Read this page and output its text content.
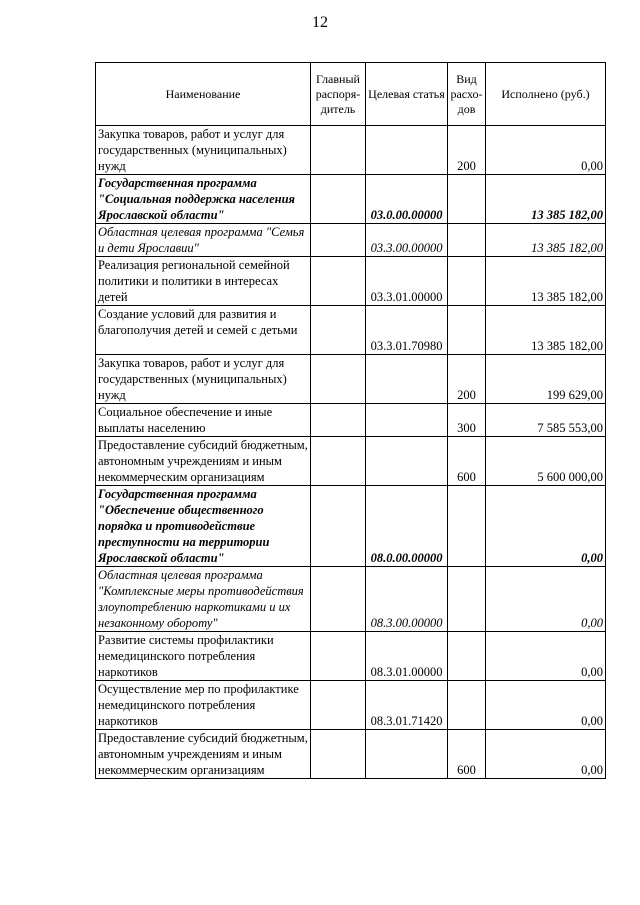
12
Наименование	Главный распоря-дитель	Целевая статья	Вид расхо-дов	Исполнено (руб.)
Закупка товаров, работ и услуг для государственных (муниципальных) нужд			200	0,00
Государственная программа "Социальная поддержка населения Ярославской области"		03.0.00.00000		13 385 182,00
Областная целевая программа "Семья и дети Ярославии"		03.3.00.00000		13 385 182,00
Реализация региональной семейной политики и политики в интересах детей		03.3.01.00000		13 385 182,00
Создание условий для развития и благополучия детей и семей с детьми		03.3.01.70980		13 385 182,00
Закупка товаров, работ и услуг для государственных (муниципальных) нужд			200	199 629,00
Социальное обеспечение и иные выплаты населению			300	7 585 553,00
Предоставление субсидий бюджетным, автономным учреждениям и иным некоммерческим организациям			600	5 600 000,00
Государственная программа "Обеспечение общественного порядка и противодействие преступности на территории Ярославской области"		08.0.00.00000		0,00
Областная целевая программа "Комплексные меры противодействия злоупотреблению наркотиками и их незаконному обороту"		08.3.00.00000		0,00
Развитие системы профилактики немедицинского потребления наркотиков		08.3.01.00000		0,00
Осуществление мер по профилактике немедицинского потребления наркотиков		08.3.01.71420		0,00
Предоставление субсидий бюджетным, автономным учреждениям и иным некоммерческим организациям			600	0,00
